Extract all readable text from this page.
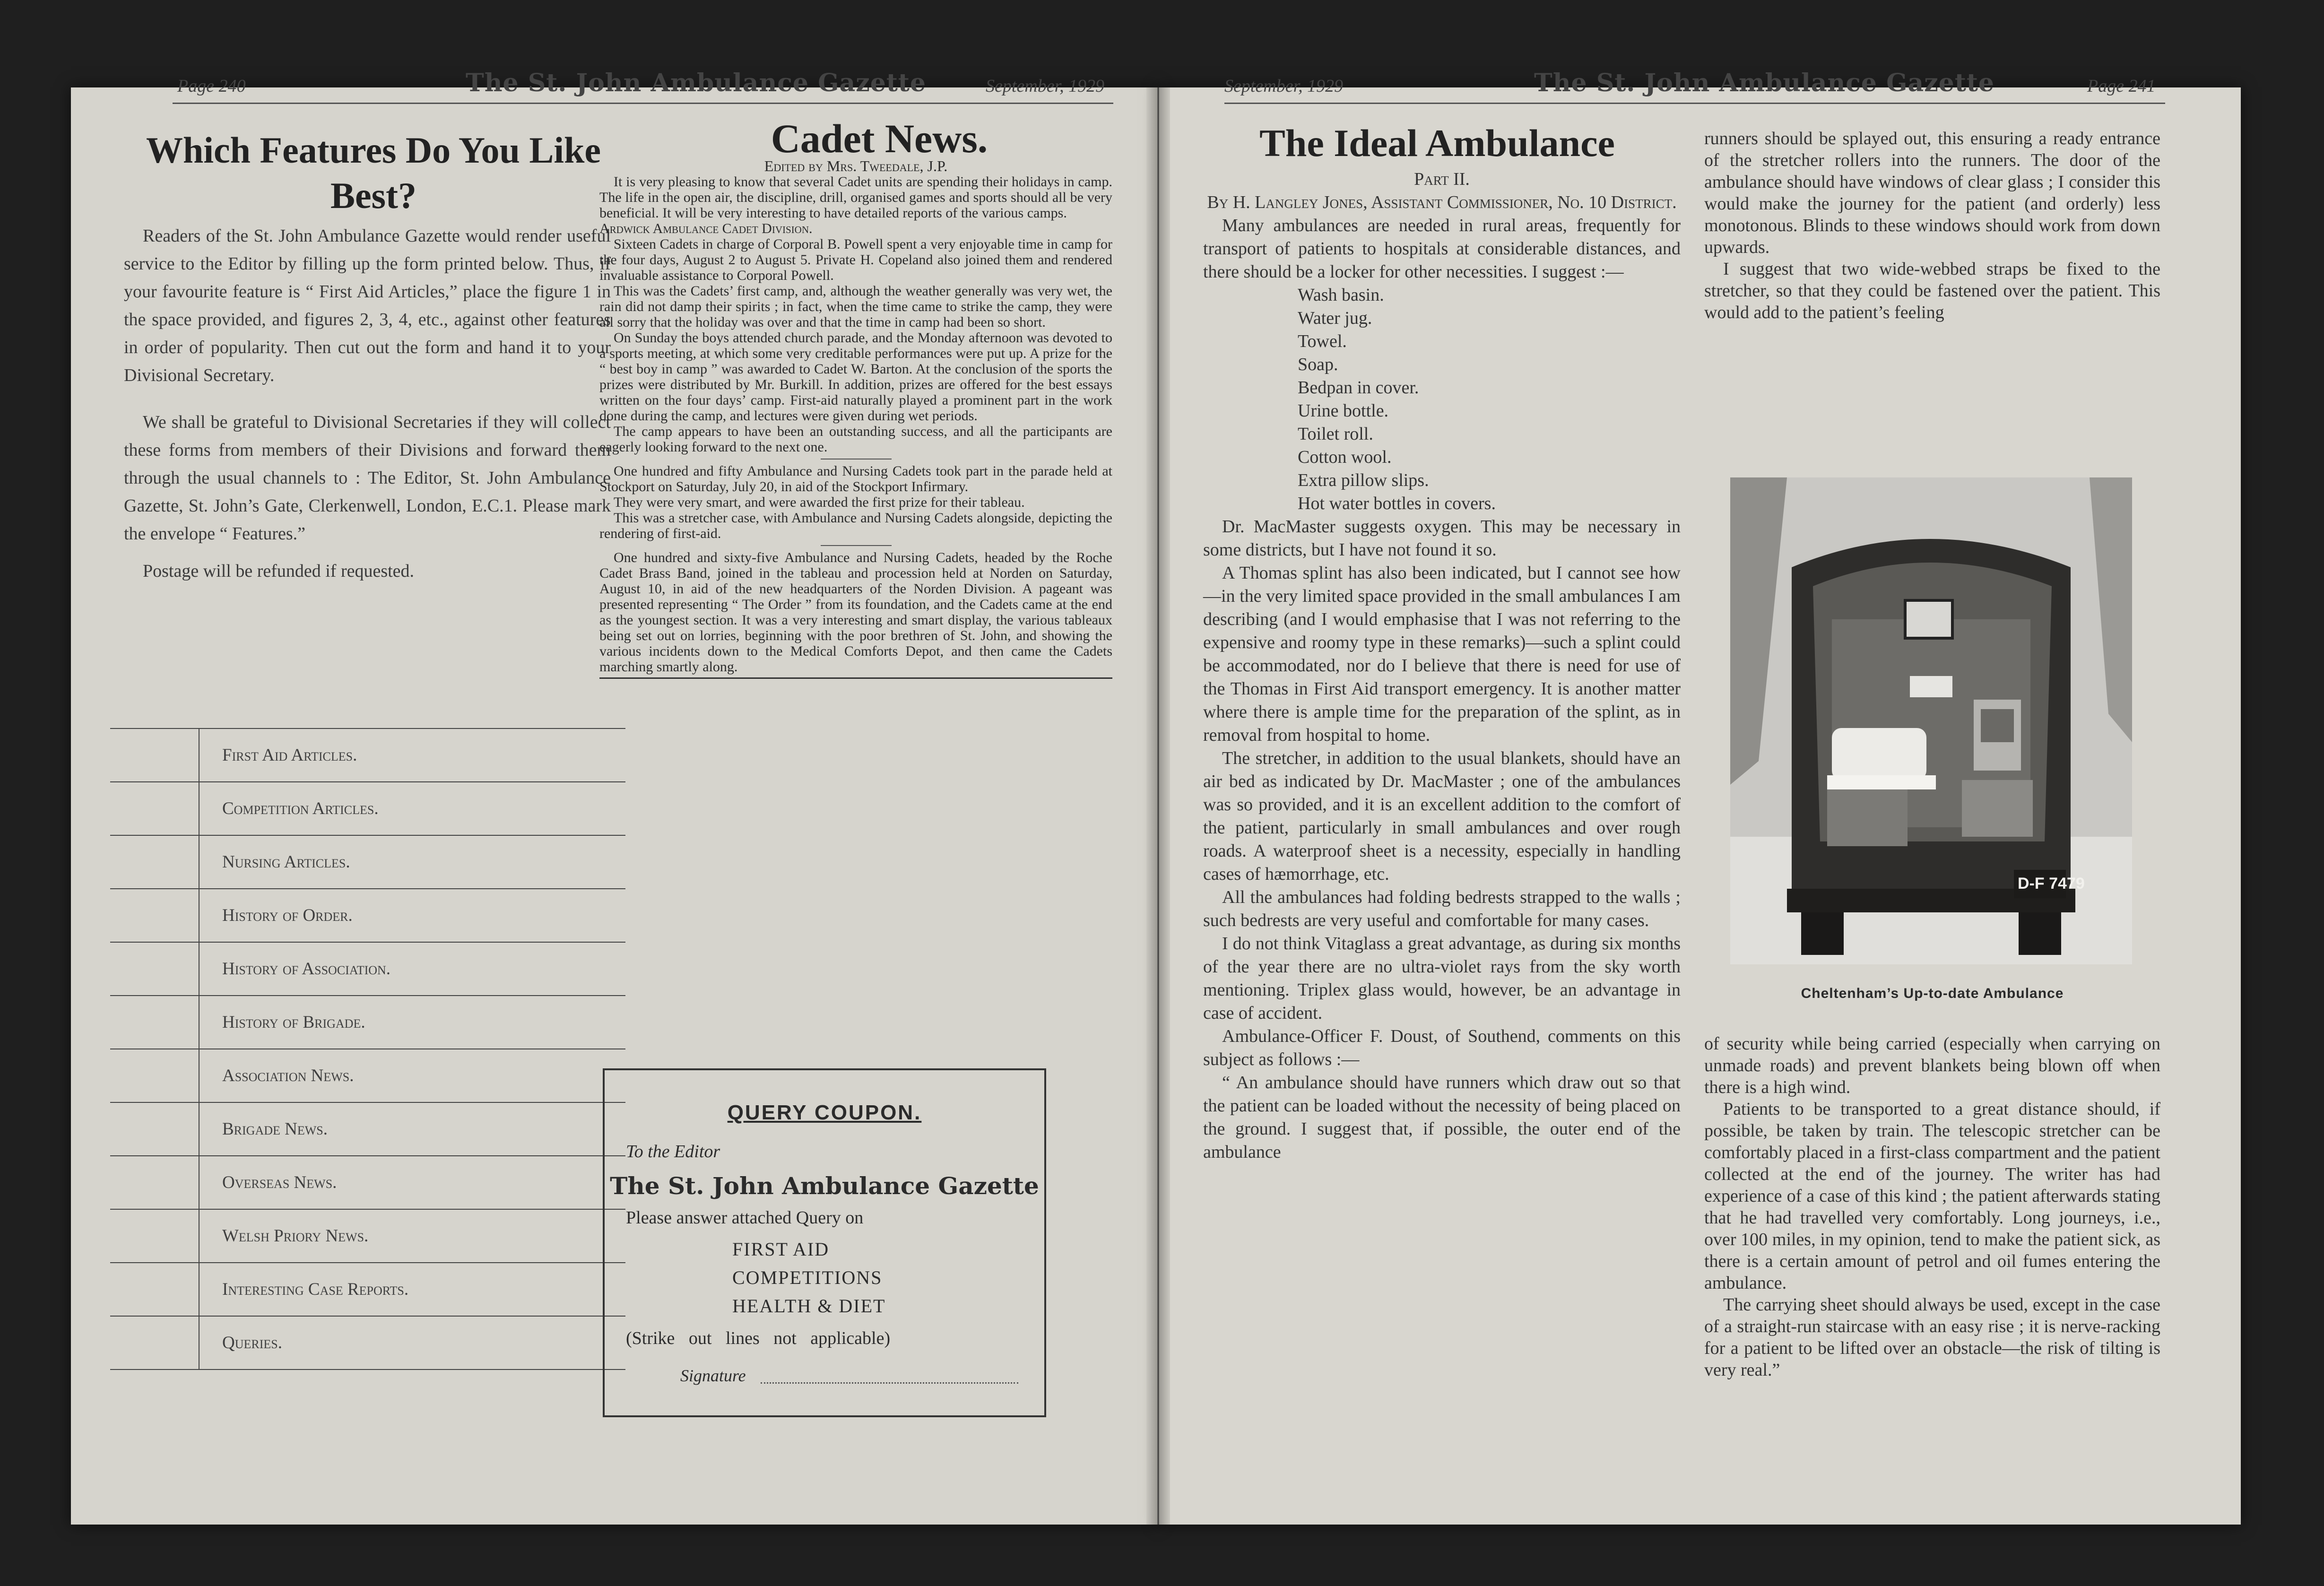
Page 240	The St. John Ambulance Gazette	September, 1929	September, 1929	The St. John Ambulance Gazette	Page 241
Which Features Do You Like Best?

Readers of the St. John Ambulance Gazette would render useful service to the Editor by filling up the form printed below. Thus, if your favourite feature is “ First Aid Articles,” place the figure 1 in the space provided, and figures 2, 3, 4, etc., against other features in order of popularity. Then cut out the form and hand it to your Divisional Secretary.

We shall be grateful to Divisional Secretaries if they will collect these forms from members of their Divisions and forward them through the usual channels to : The Editor, St. John Ambulance Gazette, St. John’s Gate, Clerkenwell, London, E.C.1. Please mark the envelope “ Features.”

Postage will be refunded if requested.

	First Aid Articles.
	Competition Articles.
	Nursing Articles.
	History of Order.
	History of Association.
	History of Brigade.
	Association News.
	Brigade News.
	Overseas News.
	Welsh Priory News.
	Interesting Case Reports.
	Queries.
Cadet News.

Edited by Mrs. Tweedale, J.P.

It is very pleasing to know that several Cadet units are spending their holidays in camp. The life in the open air, the discipline, drill, organised games and sports should all be very beneficial. It will be very interesting to have detailed reports of the various camps.

Ardwick Ambulance Cadet Division.

Sixteen Cadets in charge of Corporal B. Powell spent a very enjoyable time in camp for the four days, August 2 to August 5. Private H. Copeland also joined them and rendered invaluable assistance to Corporal Powell.

This was the Cadets’ first camp, and, although the weather generally was very wet, the rain did not damp their spirits ; in fact, when the time came to strike the camp, they were all sorry that the holiday was over and that the time in camp had been so short.

On Sunday the boys attended church parade, and the Monday afternoon was devoted to a sports meeting, at which some very creditable performances were put up. A prize for the “ best boy in camp ” was awarded to Cadet W. Barton. At the conclusion of the sports the prizes were distributed by Mr. Burkill. In addition, prizes are offered for the best essays written on the four days’ camp. First-aid naturally played a prominent part in the work done during the camp, and lectures were given during wet periods.

The camp appears to have been an outstanding success, and all the participants are eagerly looking forward to the next one.

One hundred and fifty Ambulance and Nursing Cadets took part in the parade held at Stockport on Saturday, July 20, in aid of the Stockport Infirmary.

They were very smart, and were awarded the first prize for their tableau.

This was a stretcher case, with Ambulance and Nursing Cadets alongside, depicting the rendering of first-aid.

One hundred and sixty-five Ambulance and Nursing Cadets, headed by the Roche Cadet Brass Band, joined in the tableau and procession held at Norden on Saturday, August 10, in aid of the new headquarters of the Norden Division. A pageant was presented representing “ The Order ” from its foundation, and the Cadets came at the end as the youngest section. It was a very interesting and smart display, the various tableaux being set out on lorries, beginning with the poor brethren of St. John, and showing the various incidents down to the Medical Comforts Depot, and then came the Cadets marching smartly along.

QUERY COUPON.
To the Editor
The St. John Ambulance Gazette
Please answer attached Query on
FIRST AID
COMPETITIONS
HEALTH & DIET
(Strike out lines not applicable)
Signature
The Ideal Ambulance

Part II.

By H. Langley Jones, Assistant Commissioner, No. 10 District.

Many ambulances are needed in rural areas, frequently for transport of patients to hospitals at considerable distances, and there should be a locker for other necessities. I suggest :—

Wash basin.
Water jug.
Towel.
Soap.
Bedpan in cover.
Urine bottle.
Toilet roll.
Cotton wool.
Extra pillow slips.
Hot water bottles in covers.

Dr. MacMaster suggests oxygen. This may be necessary in some districts, but I have not found it so.

A Thomas splint has also been indicated, but I cannot see how—in the very limited space provided in the small ambulances I am describing (and I would emphasise that I was not referring to the expensive and roomy type in these remarks)—such a splint could be accommodated, nor do I believe that there is need for use of the Thomas in First Aid transport emergency. It is another matter where there is ample time for the preparation of the splint, as in removal from hospital to home.

The stretcher, in addition to the usual blankets, should have an air bed as indicated by Dr. MacMaster ; one of the ambulances was so provided, and it is an excellent addition to the comfort of the patient, particularly in small ambulances and over rough roads. A waterproof sheet is a necessity, especially in handling cases of hæmorrhage, etc.

All the ambulances had folding bedrests strapped to the walls ; such bedrests are very useful and comfortable for many cases.

I do not think Vitaglass a great advantage, as during six months of the year there are no ultra-violet rays from the sky worth mentioning. Triplex glass would, however, be an advantage in case of accident.

Ambulance-Officer F. Doust, of Southend, comments on this subject as follows :—

“ An ambulance should have runners which draw out so that the patient can be loaded without the necessity of being placed on the ground. I suggest that, if possible, the outer end of the ambulance

runners should be splayed out, this ensuring a ready entrance of the stretcher rollers into the runners. The door of the ambulance should have windows of clear glass ; I consider this would make the journey for the patient (and orderly) less monotonous. Blinds to these windows should work from down upwards.

I suggest that two wide-webbed straps be fixed to the stretcher, so that they could be fastened over the patient. This would add to the patient’s feeling

D-F 7479
Cheltenham’s Up-to-date Ambulance

of security while being carried (especially when carrying on unmade roads) and prevent blankets being blown off when there is a high wind.

Patients to be transported to a great distance should, if possible, be taken by train. The telescopic stretcher can be comfortably placed in a first-class compartment and the patient collected at the end of the journey. The writer has had experience of a case of this kind ; the patient afterwards stating that he had travelled very comfortably. Long journeys, i.e., over 100 miles, in my opinion, tend to make the patient sick, as there is a certain amount of petrol and oil fumes entering the ambulance.

The carrying sheet should always be used, except in the case of a straight-run staircase with an easy rise ; it is nerve-racking for a patient to be lifted over an obstacle—the risk of tilting is very real.”
